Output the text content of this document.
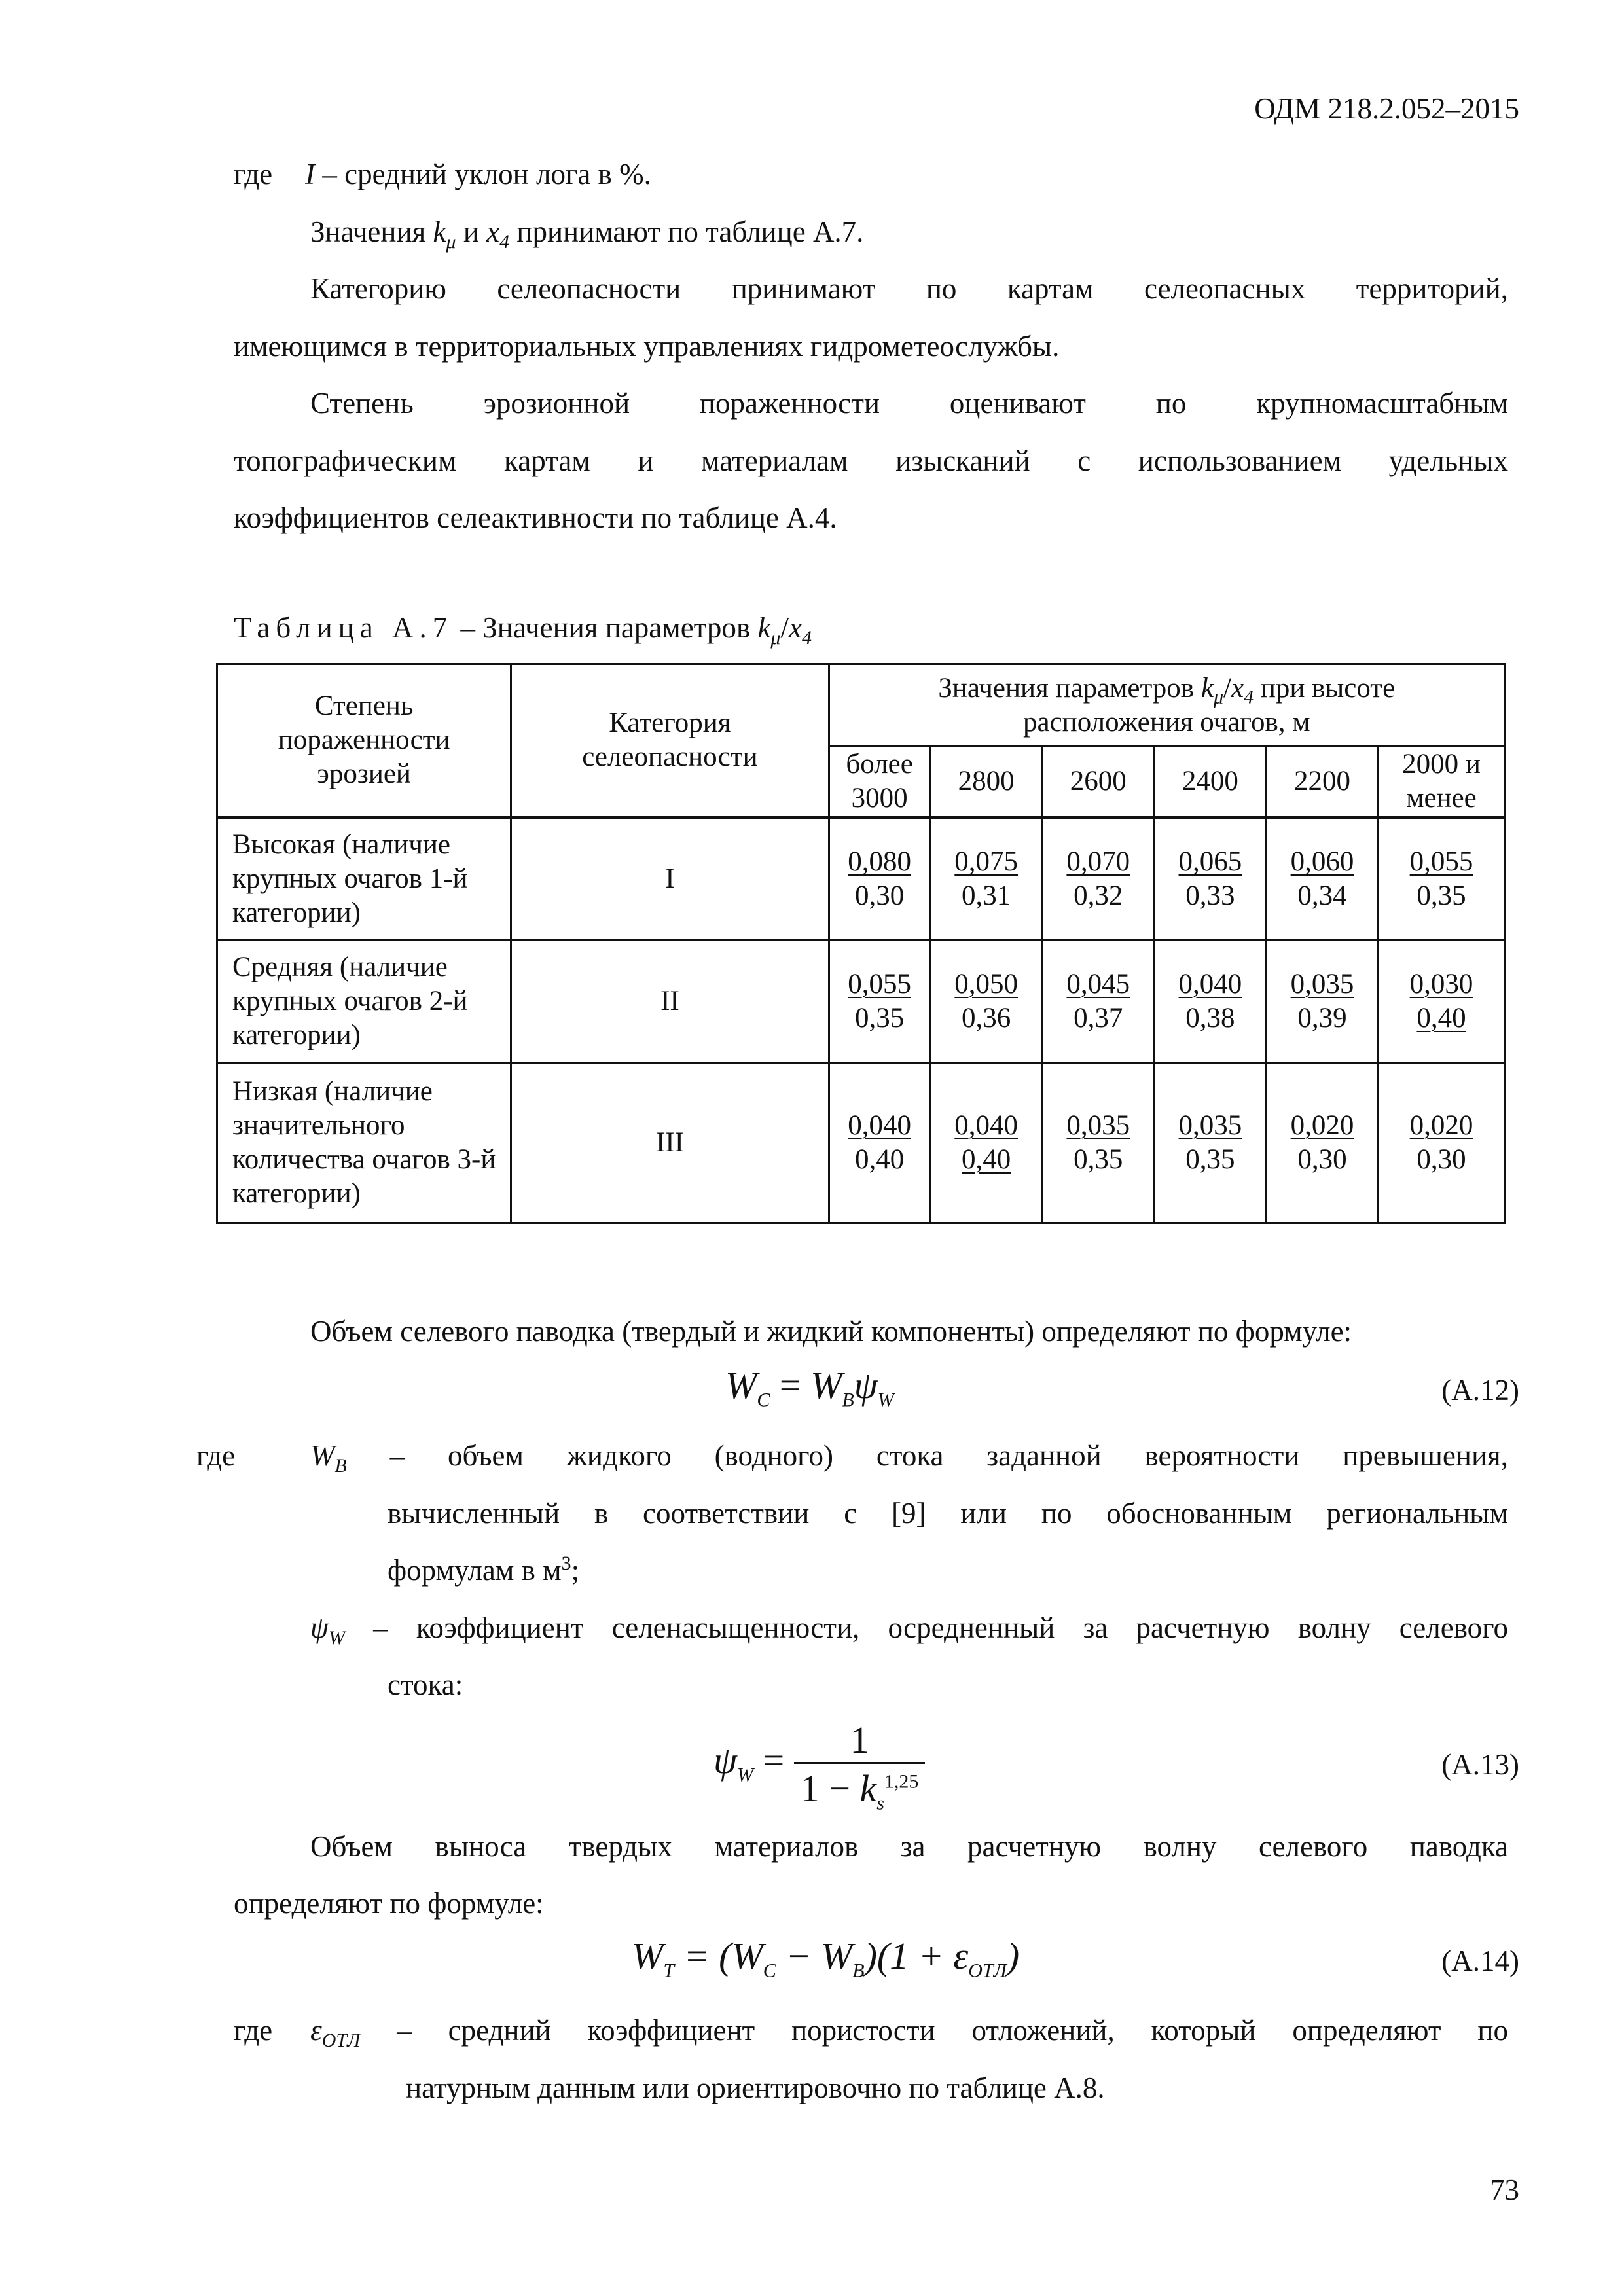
ОДМ 218.2.052–2015
где I – средний уклон лога в %.
Значения $k_\mu$ и $x_4$ принимают по таблице А.7.
Категорию селеопасности принимают по картам селеопасных территорий,
имеющимся в территориальных управлениях гидрометеослужбы.
Степень эрозионной пораженности оценивают по крупномасштабным
топографическим картам и материалам изысканий с использованием удельных
коэффициентов селеактивности по таблице А.4.
Таблица А.7 – Значения параметров $k_\mu/x_4$
Степень пораженности эрозией	Категория селеопасности	Значения параметров $k_\mu/x_4$ при высоте расположения очагов, м					
		более 3000	2800	2600	2400	2200	2000 и менее
Высокая (наличие крупных очагов 1-й категории)	I	$\frac{0,080}{0,30}$	$\frac{0,075}{0,31}$	$\frac{0,070}{0,32}$	$\frac{0,065}{0,33}$	$\frac{0,060}{0,34}$	$\frac{0,055}{0,35}$

Средняя (наличие крупных очагов 2-й категории)	II	$\frac{0,055}{0,35}$	$\frac{0,050}{0,36}$	$\frac{0,045}{0,37}$	$\frac{0,040}{0,38}$	$\frac{0,035}{0,39}$	$\frac{0,030}{0,40}$

Низкая (наличие значительного количества очагов 3-й категории)	III	$\frac{0,040}{0,40}$	$\frac{0,040}{0,40}$	$\frac{0,035}{0,35}$	$\frac{0,035}{0,35}$	$\frac{0,020}{0,30}$	$\frac{0,020}{0,30}$
Объем селевого паводка (твердый и жидкий компоненты) определяют по формуле:
$W_C = W_B\psi_W$	(А.12)
где	$W_B$ – объем жидкого (водного) стока заданной вероятности превышения,
вычисленный в соответствии с [9] или по обоснованным региональным
формулам в $м^3$;
$\psi_W$ – коэффициент селенасыщенности, осредненный за расчетную волну селевого
стока:
$\psi_W = \frac{1}{1 - k_s^{1,25}}$	(А.13)
Объем выноса твердых материалов за расчетную волну селевого паводка
определяют по формуле:
$W_T = (W_C - W_B)(1 + \varepsilon_{ОТЛ})$	(А.14)
где $\varepsilon_{ОТЛ}$ – средний коэффициент пористости отложений, который определяют по
натурным данным или ориентировочно по таблице А.8.
73
